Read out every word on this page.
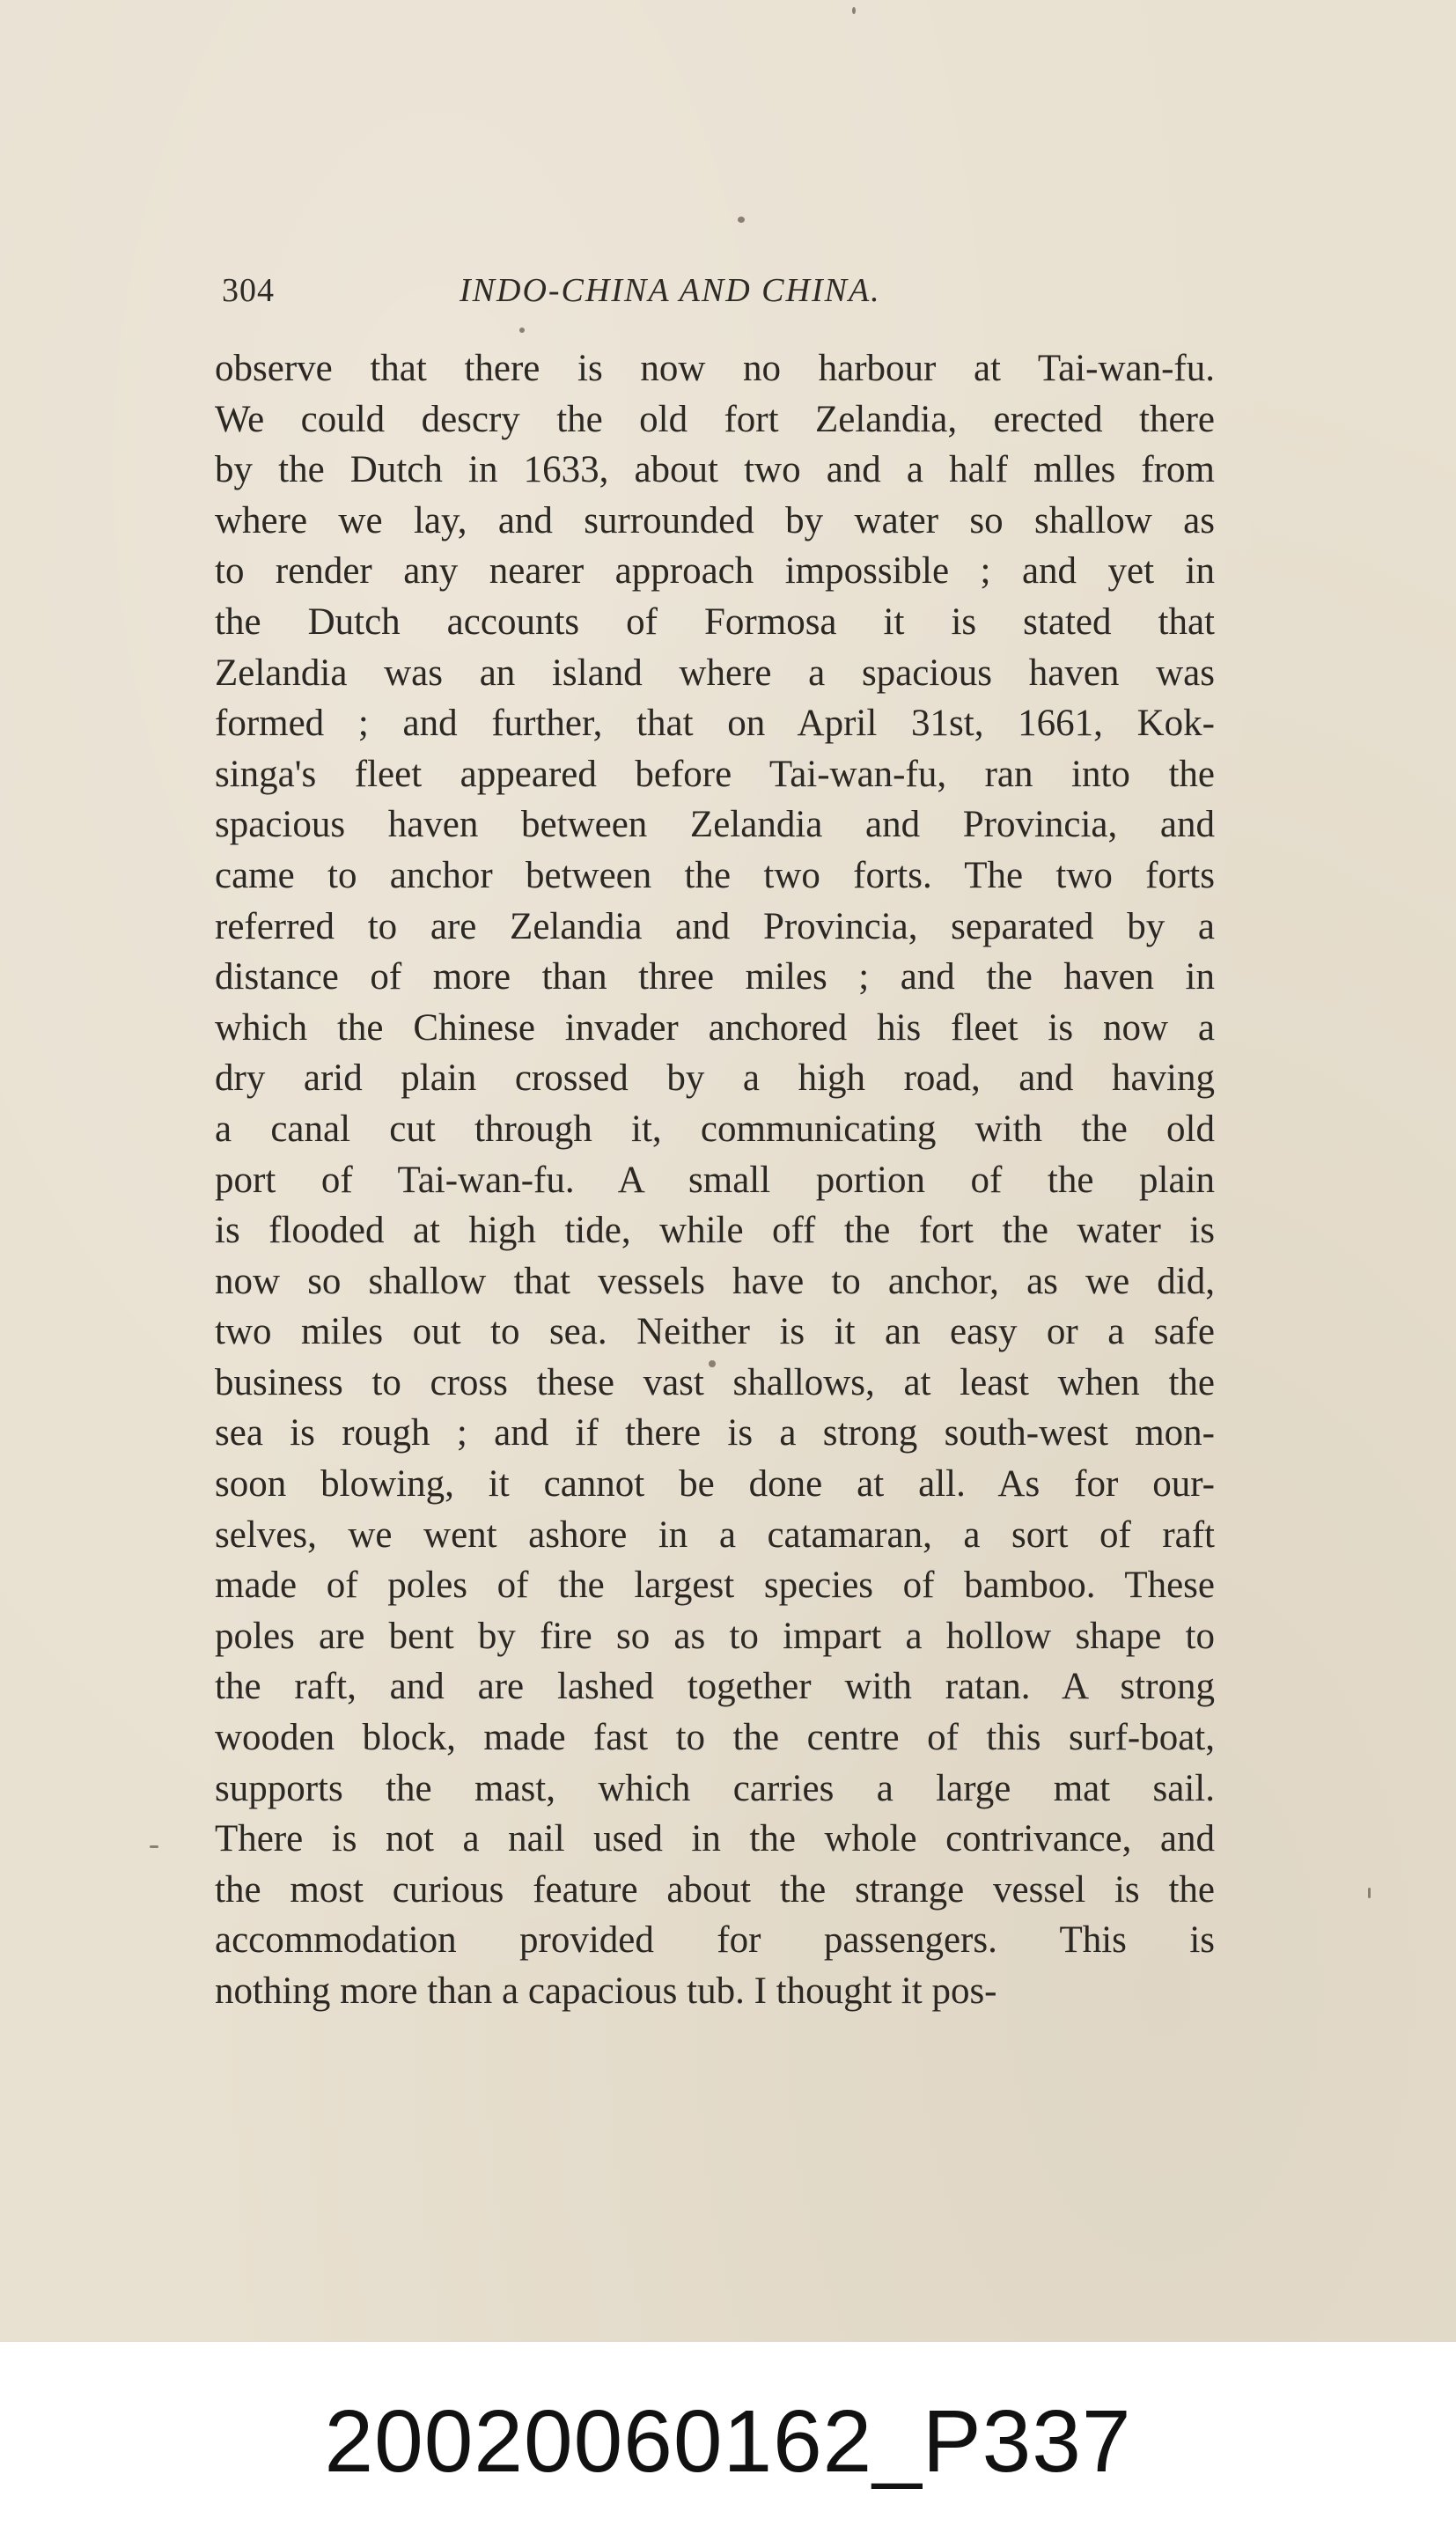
304	INDO-CHINA AND CHINA.
observe that there is now no harbour at Tai-wan-fu.
We could descry the old fort Zelandia, erected there
by the Dutch in 1633, about two and a half mlles from
where we lay, and surrounded by water so shallow as
to render any nearer approach impossible ; and yet in
the Dutch accounts of Formosa it is stated that
Zelandia was an island where a spacious haven was
formed ; and further, that on April 31st, 1661, Kok-
singa's fleet appeared before Tai-wan-fu, ran into the
spacious haven between Zelandia and Provincia, and
came to anchor between the two forts. The two forts
referred to are Zelandia and Provincia, separated by a
distance of more than three miles ; and the haven in
which the Chinese invader anchored his fleet is now a
dry arid plain crossed by a high road, and having
a canal cut through it, communicating with the old
port of Tai-wan-fu. A small portion of the plain
is flooded at high tide, while off the fort the water is
now so shallow that vessels have to anchor, as we did,
two miles out to sea. Neither is it an easy or a safe
business to cross these vast shallows, at least when the
sea is rough ; and if there is a strong south-west mon-
soon blowing, it cannot be done at all. As for our-
selves, we went ashore in a catamaran, a sort of raft
made of poles of the largest species of bamboo. These
poles are bent by fire so as to impart a hollow shape to
the raft, and are lashed together with ratan. A strong
wooden block, made fast to the centre of this surf-boat,
supports the mast, which carries a large mat sail.
There is not a nail used in the whole contrivance, and
the most curious feature about the strange vessel is the
accommodation provided for passengers. This is
nothing more than a capacious tub. I thought it pos-
20020060162_P337
